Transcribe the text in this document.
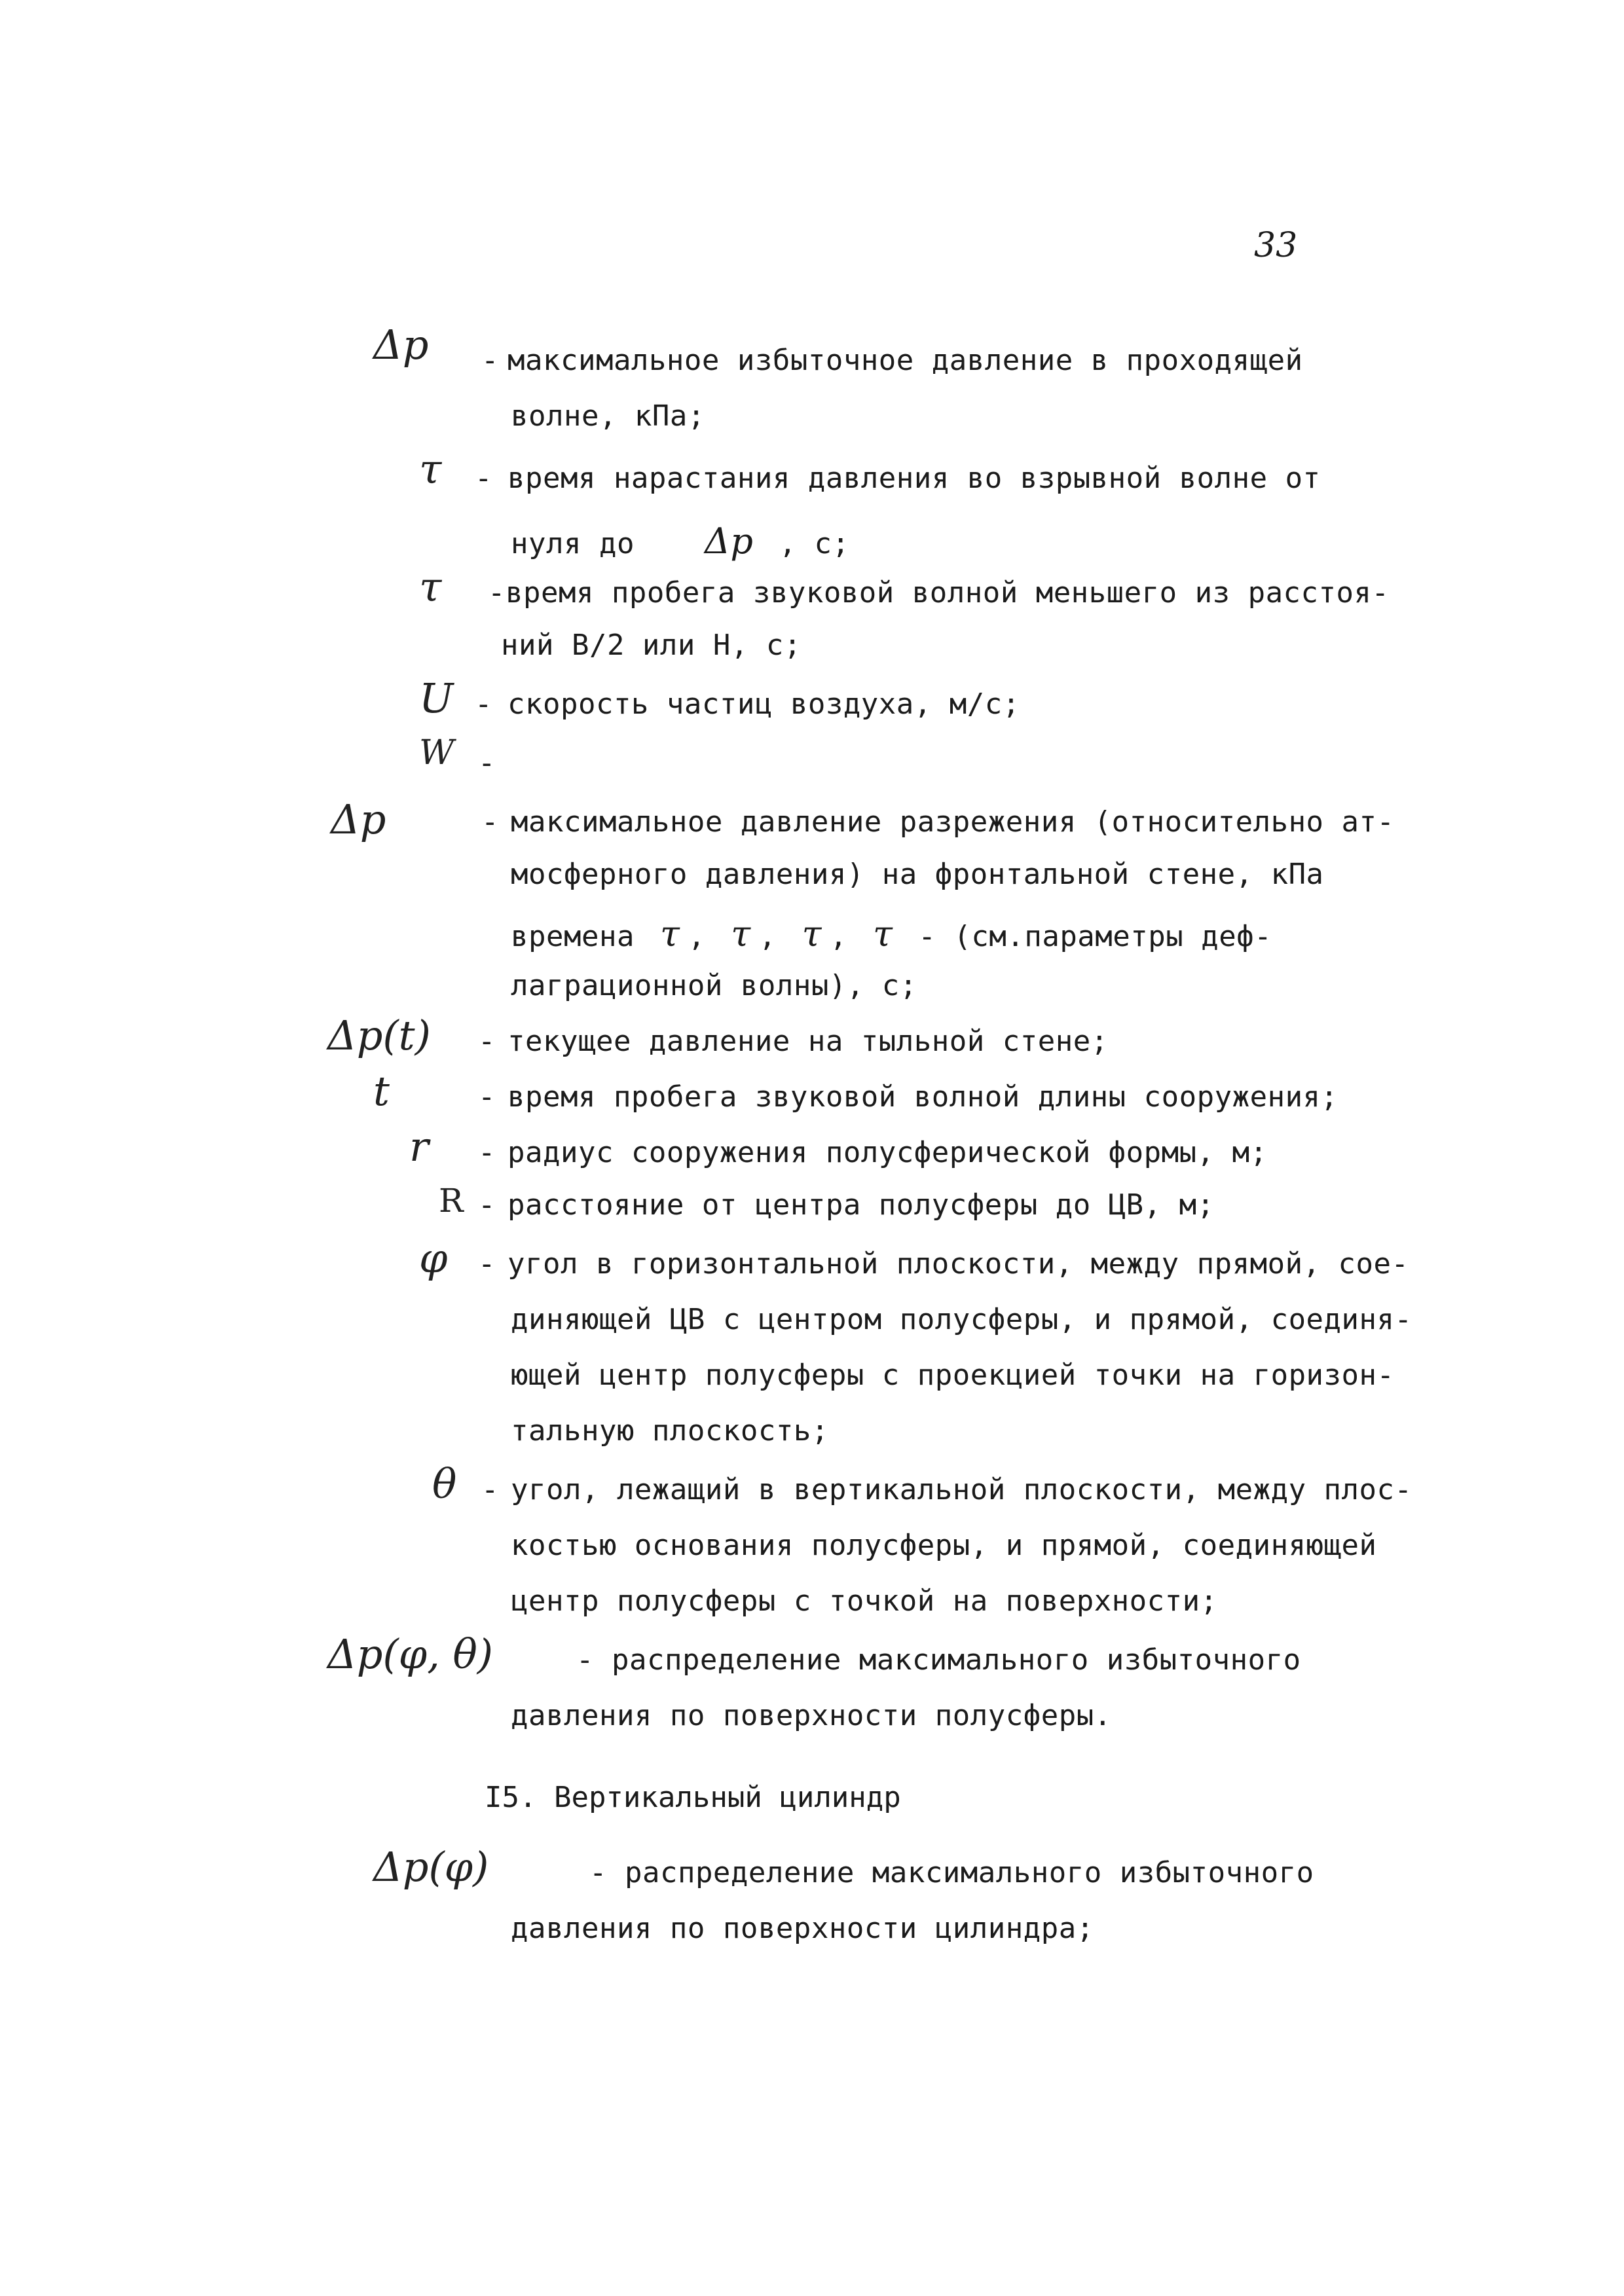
33
Δp - максимальное избыточное давление в проходящей
волне, кПа;
τ - время нарастания давления во взрывной волне от
нуля до Δp , с;
τ -время пробега звуковой волной меньшего из расстоя-
ний B/2 или H, с;
U - скорость частиц воздуха, м/с;
W -
Δp	- максимальное давление разрежения (относительно ат-
мосферного давления) на фронтальной стене, кПа
времена τ , τ , τ , τ - (см.параметры деф-
лаграционной волны), с;
Δp(t) - текущее давление на тыльной стене;
t	- время пробега звуковой волной длины сооружения;
r - радиус сооружения полусферической формы, м;
R - расстояние от центра полусферы до ЦВ, м;
φ - угол в горизонтальной плоскости, между прямой, сое-
диняющей ЦВ с центром полусферы, и прямой, соединя-
ющей центр полусферы с проекцией точки на горизон-
тальную плоскость;
θ - угол, лежащий в вертикальной плоскости, между плос-
костью основания полусферы, и прямой, соединяющей
центр полусферы с точкой на поверхности;
Δp(φ, θ)	- распределение максимального избыточного
давления по поверхности полусферы.
I5. Вертикальный цилиндр
Δp(φ)	- распределение максимального избыточного
давления по поверхности цилиндра;
